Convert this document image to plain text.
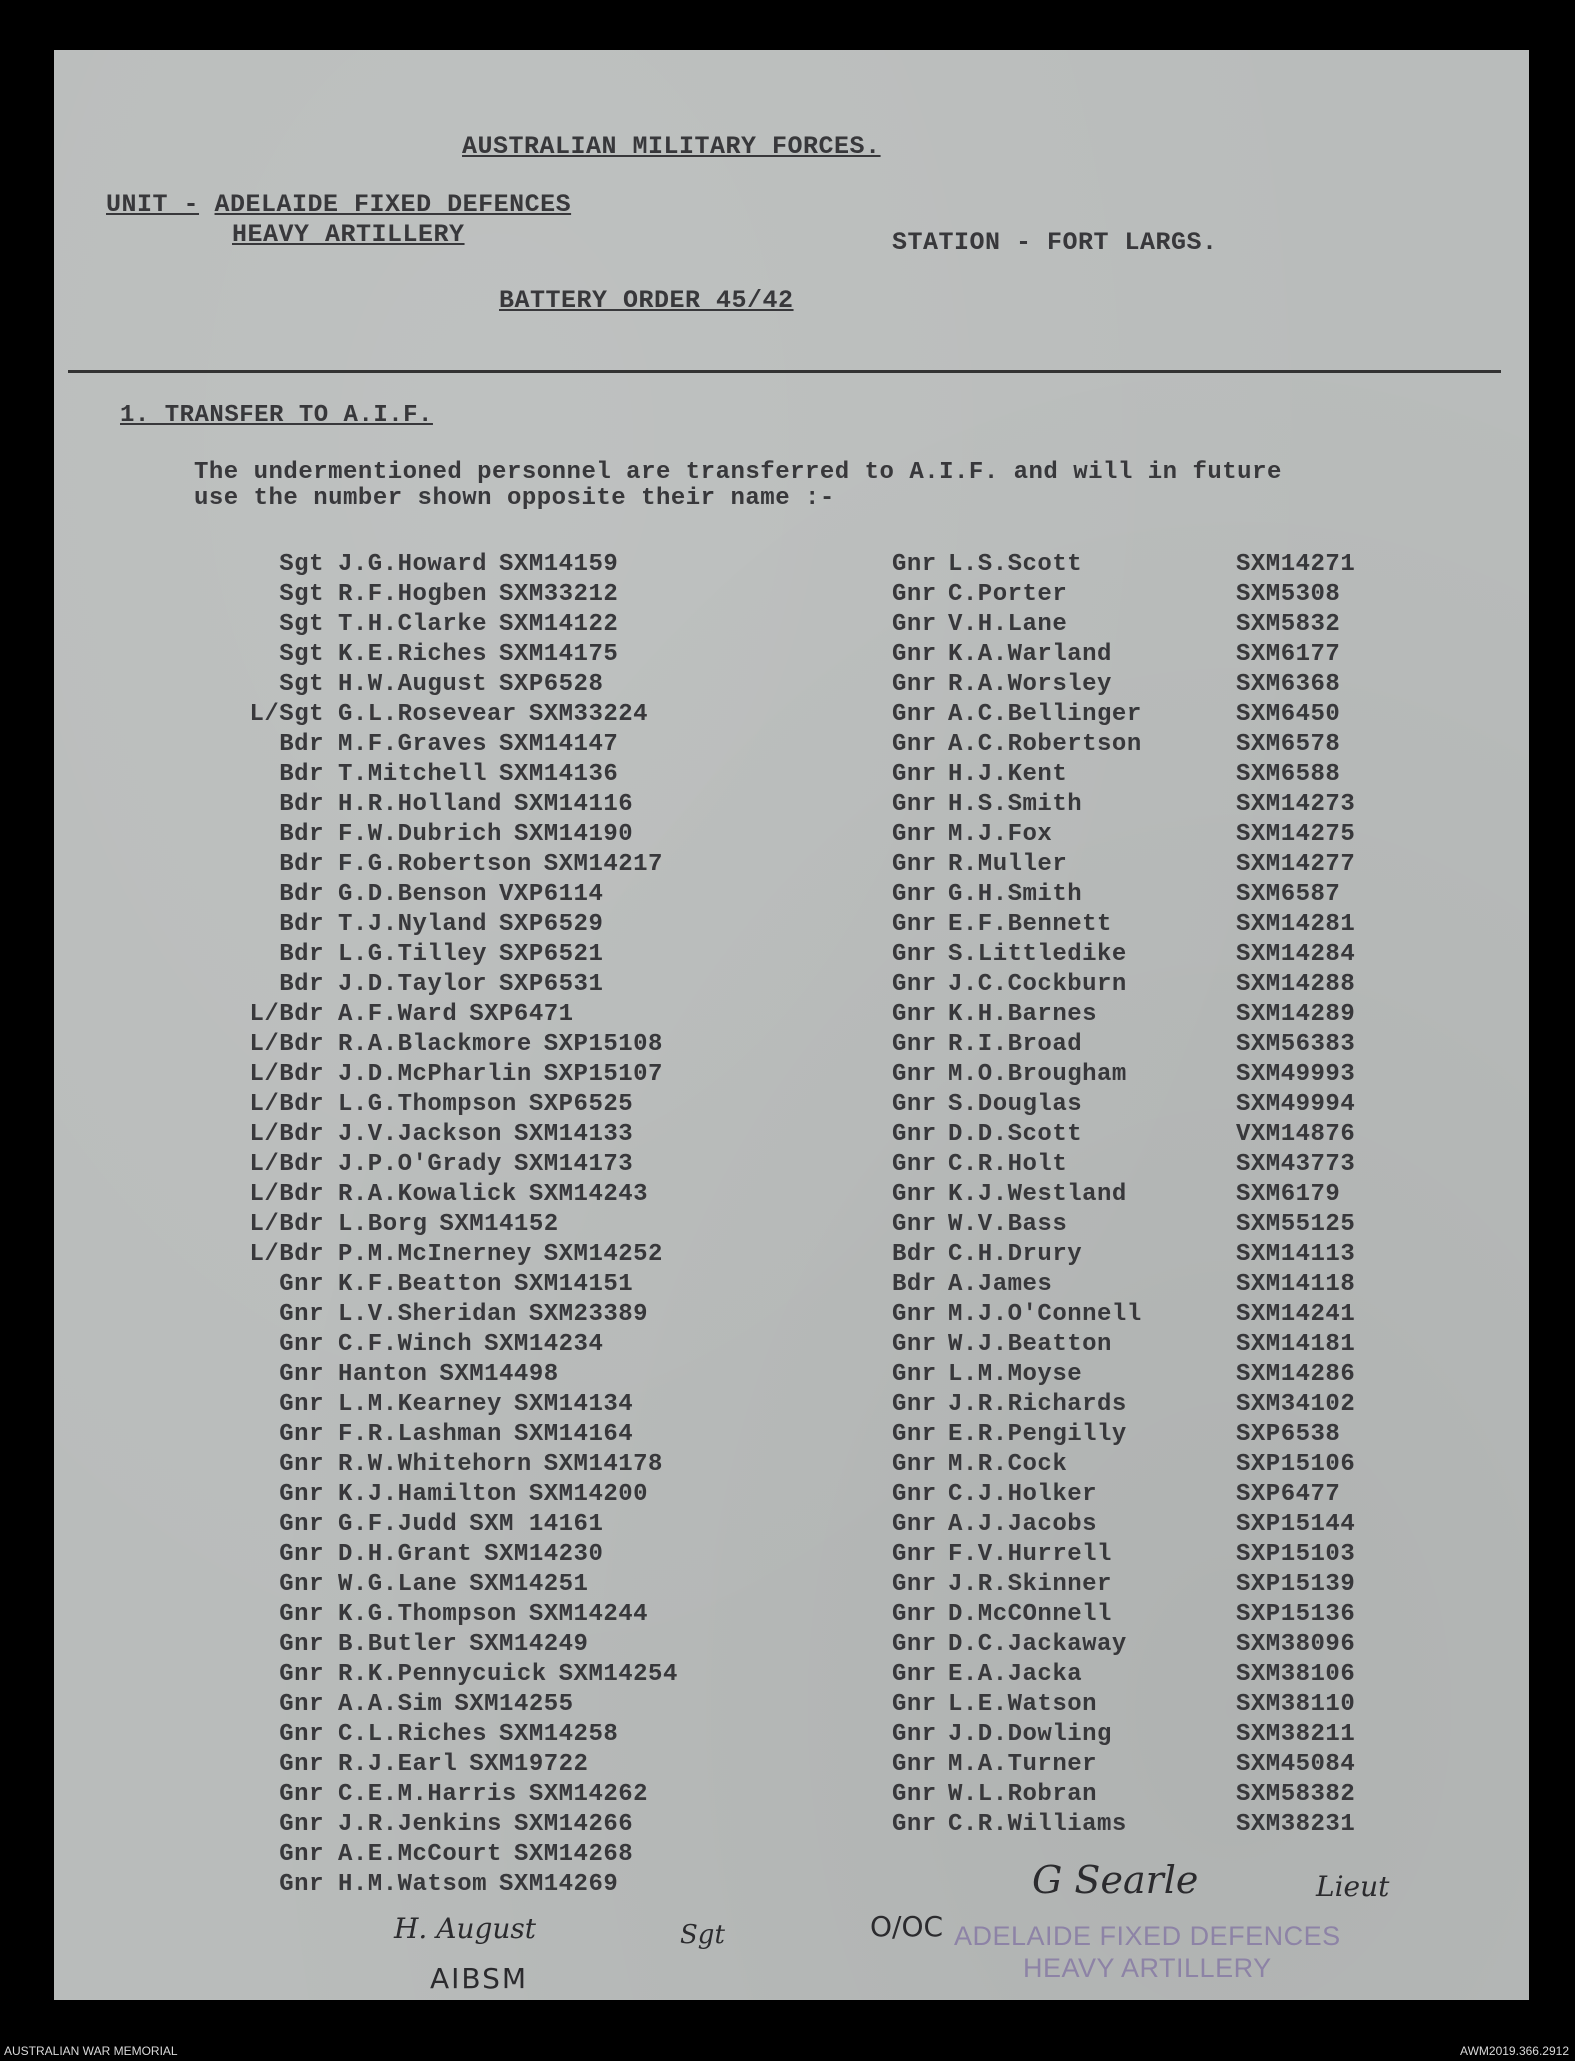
AUSTRALIAN MILITARY FORCES.
UNIT - ADELAIDE FIXED DEFENCES
HEAVY ARTILLERY	STATION - FORT LARGS.
BATTERY ORDER 45/42
1. TRANSFER TO A.I.F.
The undermentioned personnel are transferred to A.I.F. and will in future
use the number shown opposite their name :-
Sgt J.G.Howard SXM14159
Sgt R.F.Hogben SXM33212
Sgt T.H.Clarke SXM14122
Sgt K.E.Riches SXM14175
Sgt H.W.August SXP6528
L/Sgt G.L.Rosevear SXM33224
Bdr M.F.Graves SXM14147
Bdr T.Mitchell SXM14136
Bdr H.R.Holland SXM14116
Bdr F.W.Dubrich SXM14190
Bdr F.G.Robertson SXM14217
Bdr G.D.Benson VXP6114
Bdr T.J.Nyland SXP6529
Bdr L.G.Tilley SXP6521
Bdr J.D.Taylor SXP6531
L/Bdr A.F.Ward SXP6471
L/Bdr R.A.Blackmore SXP15108
L/Bdr J.D.McPharlin SXP15107
L/Bdr L.G.Thompson SXP6525
L/Bdr J.V.Jackson SXM14133
L/Bdr J.P.O'Grady SXM14173
L/Bdr R.A.Kowalick SXM14243
L/Bdr L.Borg SXM14152
L/Bdr P.M.McInerney SXM14252
Gnr K.F.Beatton SXM14151
Gnr L.V.Sheridan SXM23389
Gnr C.F.Winch SXM14234
Gnr Hanton SXM14498
Gnr L.M.Kearney SXM14134
Gnr F.R.Lashman SXM14164
Gnr R.W.Whitehorn SXM14178
Gnr K.J.Hamilton SXM14200
Gnr G.F.Judd SXM 14161
Gnr D.H.Grant SXM14230
Gnr W.G.Lane SXM14251
Gnr K.G.Thompson SXM14244
Gnr B.Butler SXM14249
Gnr R.K.Pennycuick SXM14254
Gnr A.A.Sim SXM14255
Gnr C.L.Riches SXM14258
Gnr R.J.Earl SXM19722
Gnr C.E.M.Harris SXM14262
Gnr J.R.Jenkins SXM14266
Gnr A.E.McCourt SXM14268
Gnr H.M.Watsom SXM14269
Gnr L.S.Scott	SXM14271
Gnr C.Porter	SXM5308
Gnr V.H.Lane	SXM5832
Gnr K.A.Warland	SXM6177
Gnr R.A.Worsley	SXM6368
Gnr A.C.Bellinger	SXM6450
Gnr A.C.Robertson	SXM6578
Gnr H.J.Kent	SXM6588
Gnr H.S.Smith	SXM14273
Gnr M.J.Fox	SXM14275
Gnr R.Muller	SXM14277
Gnr G.H.Smith	SXM6587
Gnr E.F.Bennett	SXM14281
Gnr S.Littledike	SXM14284
Gnr J.C.Cockburn	SXM14288
Gnr K.H.Barnes	SXM14289
Gnr R.I.Broad	SXM56383
Gnr M.O.Brougham	SXM49993
Gnr S.Douglas	SXM49994
Gnr D.D.Scott	VXM14876
Gnr C.R.Holt	SXM43773
Gnr K.J.Westland	SXM6179
Gnr W.V.Bass	SXM55125
Bdr C.H.Drury	SXM14113
Bdr A.James	SXM14118
Gnr M.J.O'Connell	SXM14241
Gnr W.J.Beatton	SXM14181
Gnr L.M.Moyse	SXM14286
Gnr J.R.Richards	SXM34102
Gnr E.R.Pengilly	SXP6538
Gnr M.R.Cock	SXP15106
Gnr C.J.Holker	SXP6477
Gnr A.J.Jacobs	SXP15144
Gnr F.V.Hurrell	SXP15103
Gnr J.R.Skinner	SXP15139
Gnr D.McCOnnell	SXP15136
Gnr D.C.Jackaway	SXM38096
Gnr E.A.Jacka	SXM38106
Gnr L.E.Watson	SXM38110
Gnr J.D.Dowling	SXM38211
Gnr M.A.Turner	SXM45084
Gnr W.L.Robran	SXM58382
Gnr C.R.Williams	SXM38231
H. August	Sgt
AIBSM
O/OC
G Searle	Lieut
ADELAIDE FIXED DEFENCES
HEAVY ARTILLERY
AUSTRALIAN WAR MEMORIAL	AWM2019.366.2912
